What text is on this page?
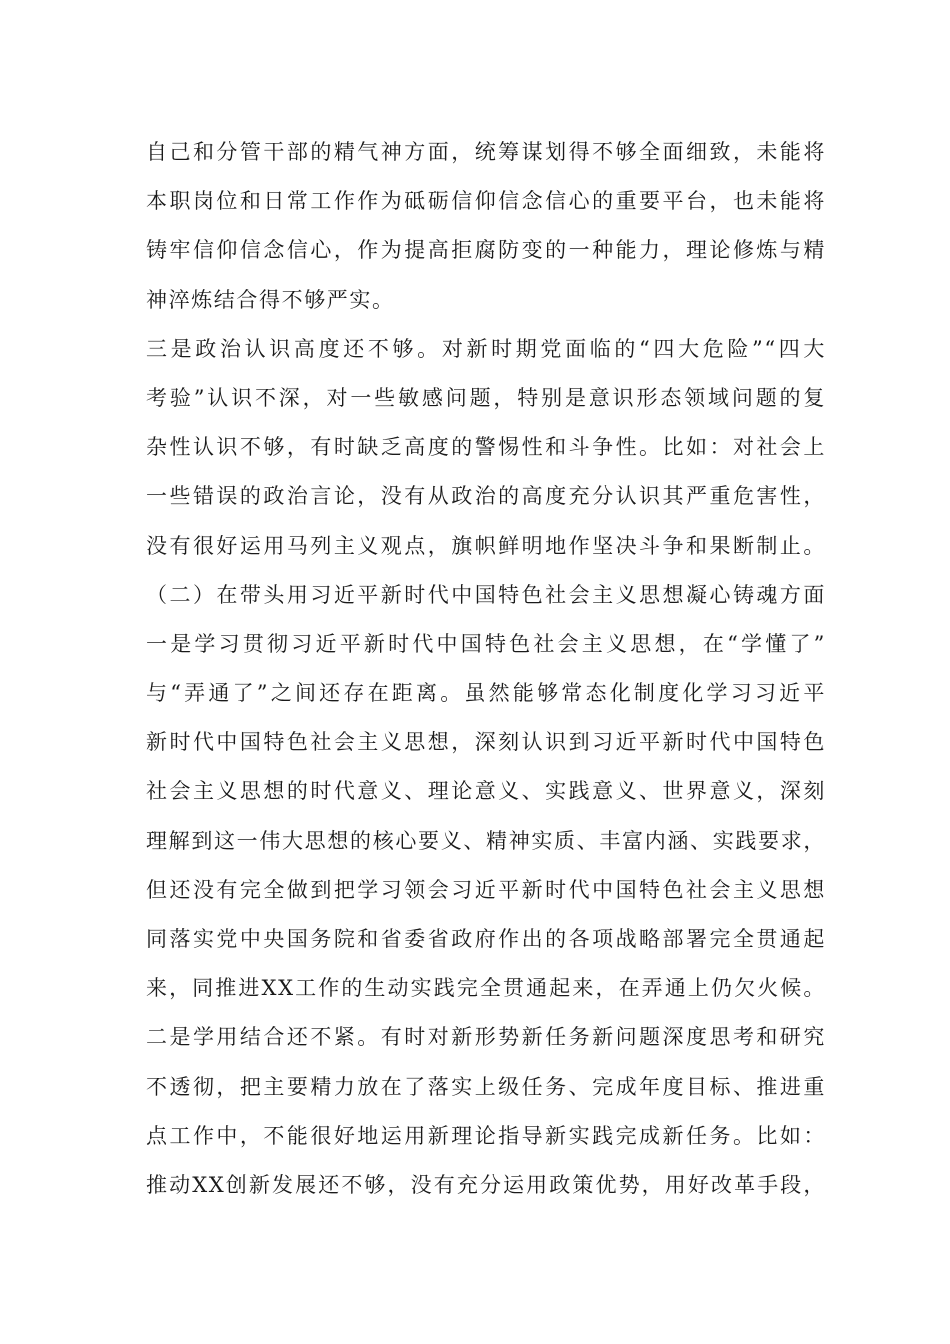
自己和分管干部的精气神方面，统筹谋划得不够全面细致，未能将
本职岗位和日常工作作为砥砺信仰信念信心的重要平台，也未能将
铸牢信仰信念信心，作为提高拒腐防变的一种能力，理论修炼与精
神淬炼结合得不够严实。
三是政治认识高度还不够。对新时期党面临的“四大危险”“四大
考验”认识不深，对一些敏感问题，特别是意识形态领域问题的复
杂性认识不够，有时缺乏高度的警惕性和斗争性。比如：对社会上
一些错误的政治言论，没有从政治的高度充分认识其严重危害性，
没有很好运用马列主义观点，旗帜鲜明地作坚决斗争和果断制止。
（二）在带头用习近平新时代中国特色社会主义思想凝心铸魂方面
一是学习贯彻习近平新时代中国特色社会主义思想，在“学懂了”
与“弄通了”之间还存在距离。虽然能够常态化制度化学习习近平
新时代中国特色社会主义思想，深刻认识到习近平新时代中国特色
社会主义思想的时代意义、理论意义、实践意义、世界意义，深刻
理解到这一伟大思想的核心要义、精神实质、丰富内涵、实践要求，
但还没有完全做到把学习领会习近平新时代中国特色社会主义思想
同落实党中央国务院和省委省政府作出的各项战略部署完全贯通起
来，同推进XX工作的生动实践完全贯通起来，在弄通上仍欠火候。
二是学用结合还不紧。有时对新形势新任务新问题深度思考和研究
不透彻，把主要精力放在了落实上级任务、完成年度目标、推进重
点工作中，不能很好地运用新理论指导新实践完成新任务。比如：
推动XX创新发展还不够，没有充分运用政策优势，用好改革手段，
